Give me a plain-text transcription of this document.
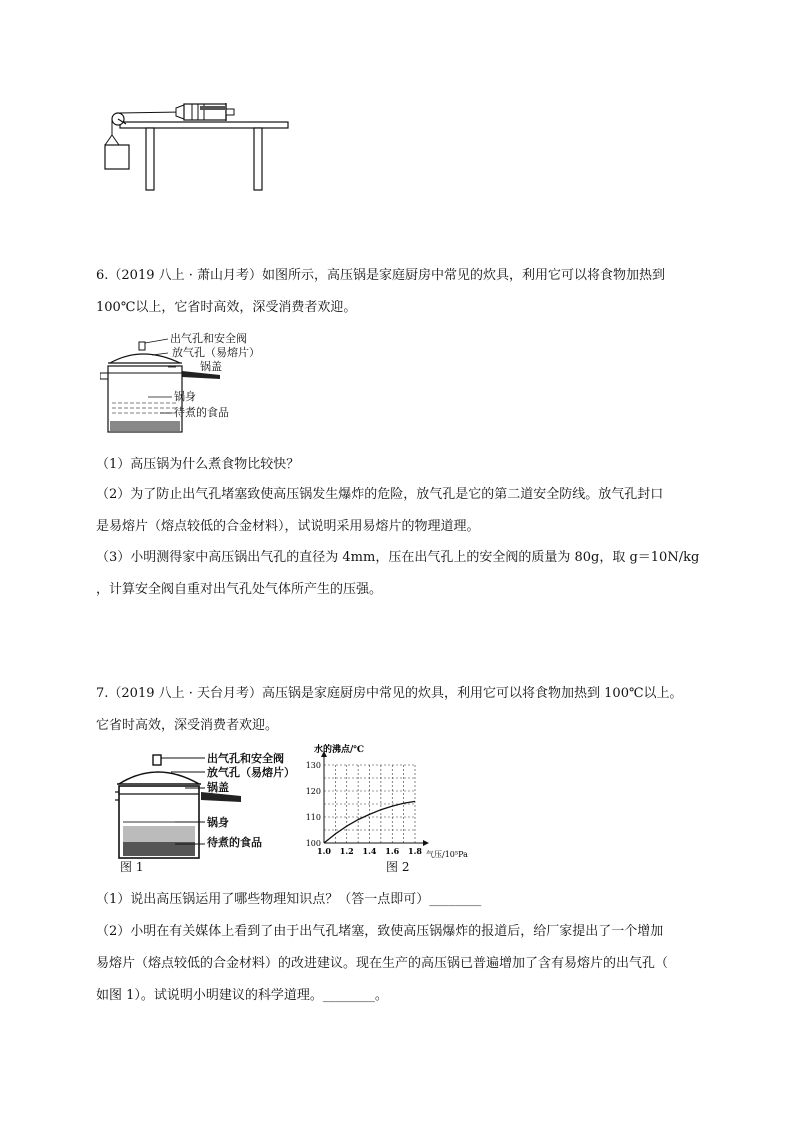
6.（2019 八上 · 萧山月考）如图所示，高压锅是家庭厨房中常见的炊具，利用它可以将食物加热到
100℃以上，它省时高效，深受消费者欢迎。
出气孔和安全阀
放气孔（易熔片）
锅盖
锅身
待煮的食品
（1）高压锅为什么煮食物比较快？
（2）为了防止出气孔堵塞致使高压锅发生爆炸的危险，放气孔是它的第二道安全防线。放气孔封口
是易熔片（熔点较低的合金材料），试说明采用易熔片的物理道理。
（3）小明测得家中高压锅出气孔的直径为 4mm，压在出气孔上的安全阀的质量为 80g，取 g＝10N/kg
，计算安全阀自重对出气孔处气体所产生的压强。
7.（2019 八上 · 天台月考）高压锅是家庭厨房中常见的炊具，利用它可以将食物加热到 100℃以上。
它省时高效，深受消费者欢迎。
出气孔和安全阀
放气孔（易熔片）
锅盖
锅身
待煮的食品
图 1
1.0 1.2 1.4 1.6 1.8
100
110
120
130
水的沸点/℃
气压/10⁵Pa
图 2
（1）说出高压锅运用了哪些物理知识点？（答一点即可）________
（2）小明在有关媒体上看到了由于出气孔堵塞，致使高压锅爆炸的报道后，给厂家提出了一个增加
易熔片（熔点较低的合金材料）的改进建议。现在生产的高压锅已普遍增加了含有易熔片的出气孔（
如图 1）。试说明小明建议的科学道理。________。
